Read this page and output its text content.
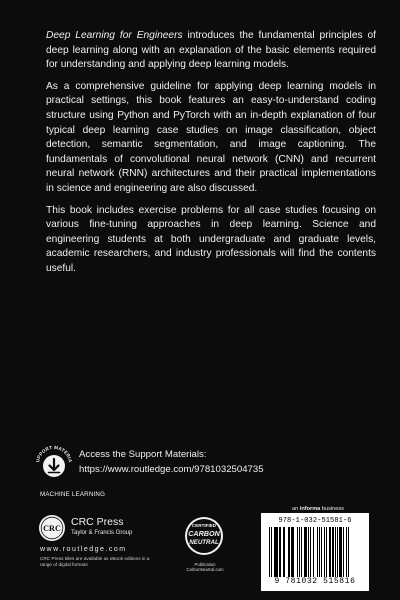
Deep Learning for Engineers introduces the fundamental principles of deep learning along with an explanation of the basic elements required for understanding and applying deep learning models.

As a comprehensive guideline for applying deep learning models in practical settings, this book features an easy-to-understand coding structure using Python and PyTorch with an in-depth explanation of four typical deep learning case studies on image classification, object detection, semantic segmentation, and image captioning. The fundamentals of convolutional neural network (CNN) and recurrent neural network (RNN) architectures and their practical implementations in science and engineering are also discussed.

This book includes exercise problems for all case studies focusing on various fine-tuning approaches in deep learning. Science and engineering students at both undergraduate and graduate levels, academic researchers, and industry professionals will find the contents useful.

UPPORT MATERIA
Access the Support Materials:
https://www.routledge.com/9781032504735
MACHINE LEARNING
CRC
CRC Press
Taylor & Francis Group
www.routledge.com
CRC Press titles are available as eBook editions in a range of digital formats
CERTIFIED
CARBON
NEUTRAL
Publication
CarbonNeutral.com
an informa business
978-1-032-51581-6
9 781032 515816
